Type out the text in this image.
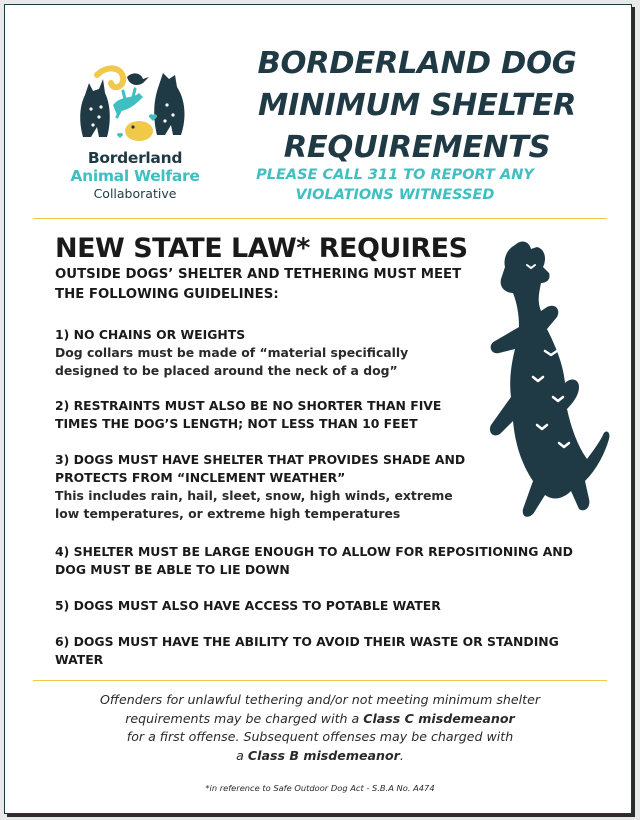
Borderland
Animal Welfare
Collaborative
BORDERLAND DOG
MINIMUM SHELTER
REQUIREMENTS
PLEASE CALL 311 TO REPORT ANY
VIOLATIONS WITNESSED
NEW STATE LAW* REQUIRES
OUTSIDE DOGS’ SHELTER AND TETHERING MUST MEET
THE FOLLOWING GUIDELINES:
1) NO CHAINS OR WEIGHTS
Dog collars must be made of “material specifically
designed to be placed around the neck of a dog”
2) RESTRAINTS MUST ALSO BE NO SHORTER THAN FIVE
TIMES THE DOG’S LENGTH; NOT LESS THAN 10 FEET
3) DOGS MUST HAVE SHELTER THAT PROVIDES SHADE AND
PROTECTS FROM “INCLEMENT WEATHER”
This includes rain, hail, sleet, snow, high winds, extreme
low temperatures, or extreme high temperatures
4) SHELTER MUST BE LARGE ENOUGH TO ALLOW FOR REPOSITIONING AND
DOG MUST BE ABLE TO LIE DOWN
5) DOGS MUST ALSO HAVE ACCESS TO POTABLE WATER
6) DOGS MUST HAVE THE ABILITY TO AVOID THEIR WASTE OR STANDING
WATER
Offenders for unlawful tethering and/or not meeting minimum shelter
requirements may be charged with a Class C misdemeanor
for a first offense. Subsequent offenses may be charged with
a Class B misdemeanor.
*in reference to Safe Outdoor Dog Act - S.B.A No. A474
